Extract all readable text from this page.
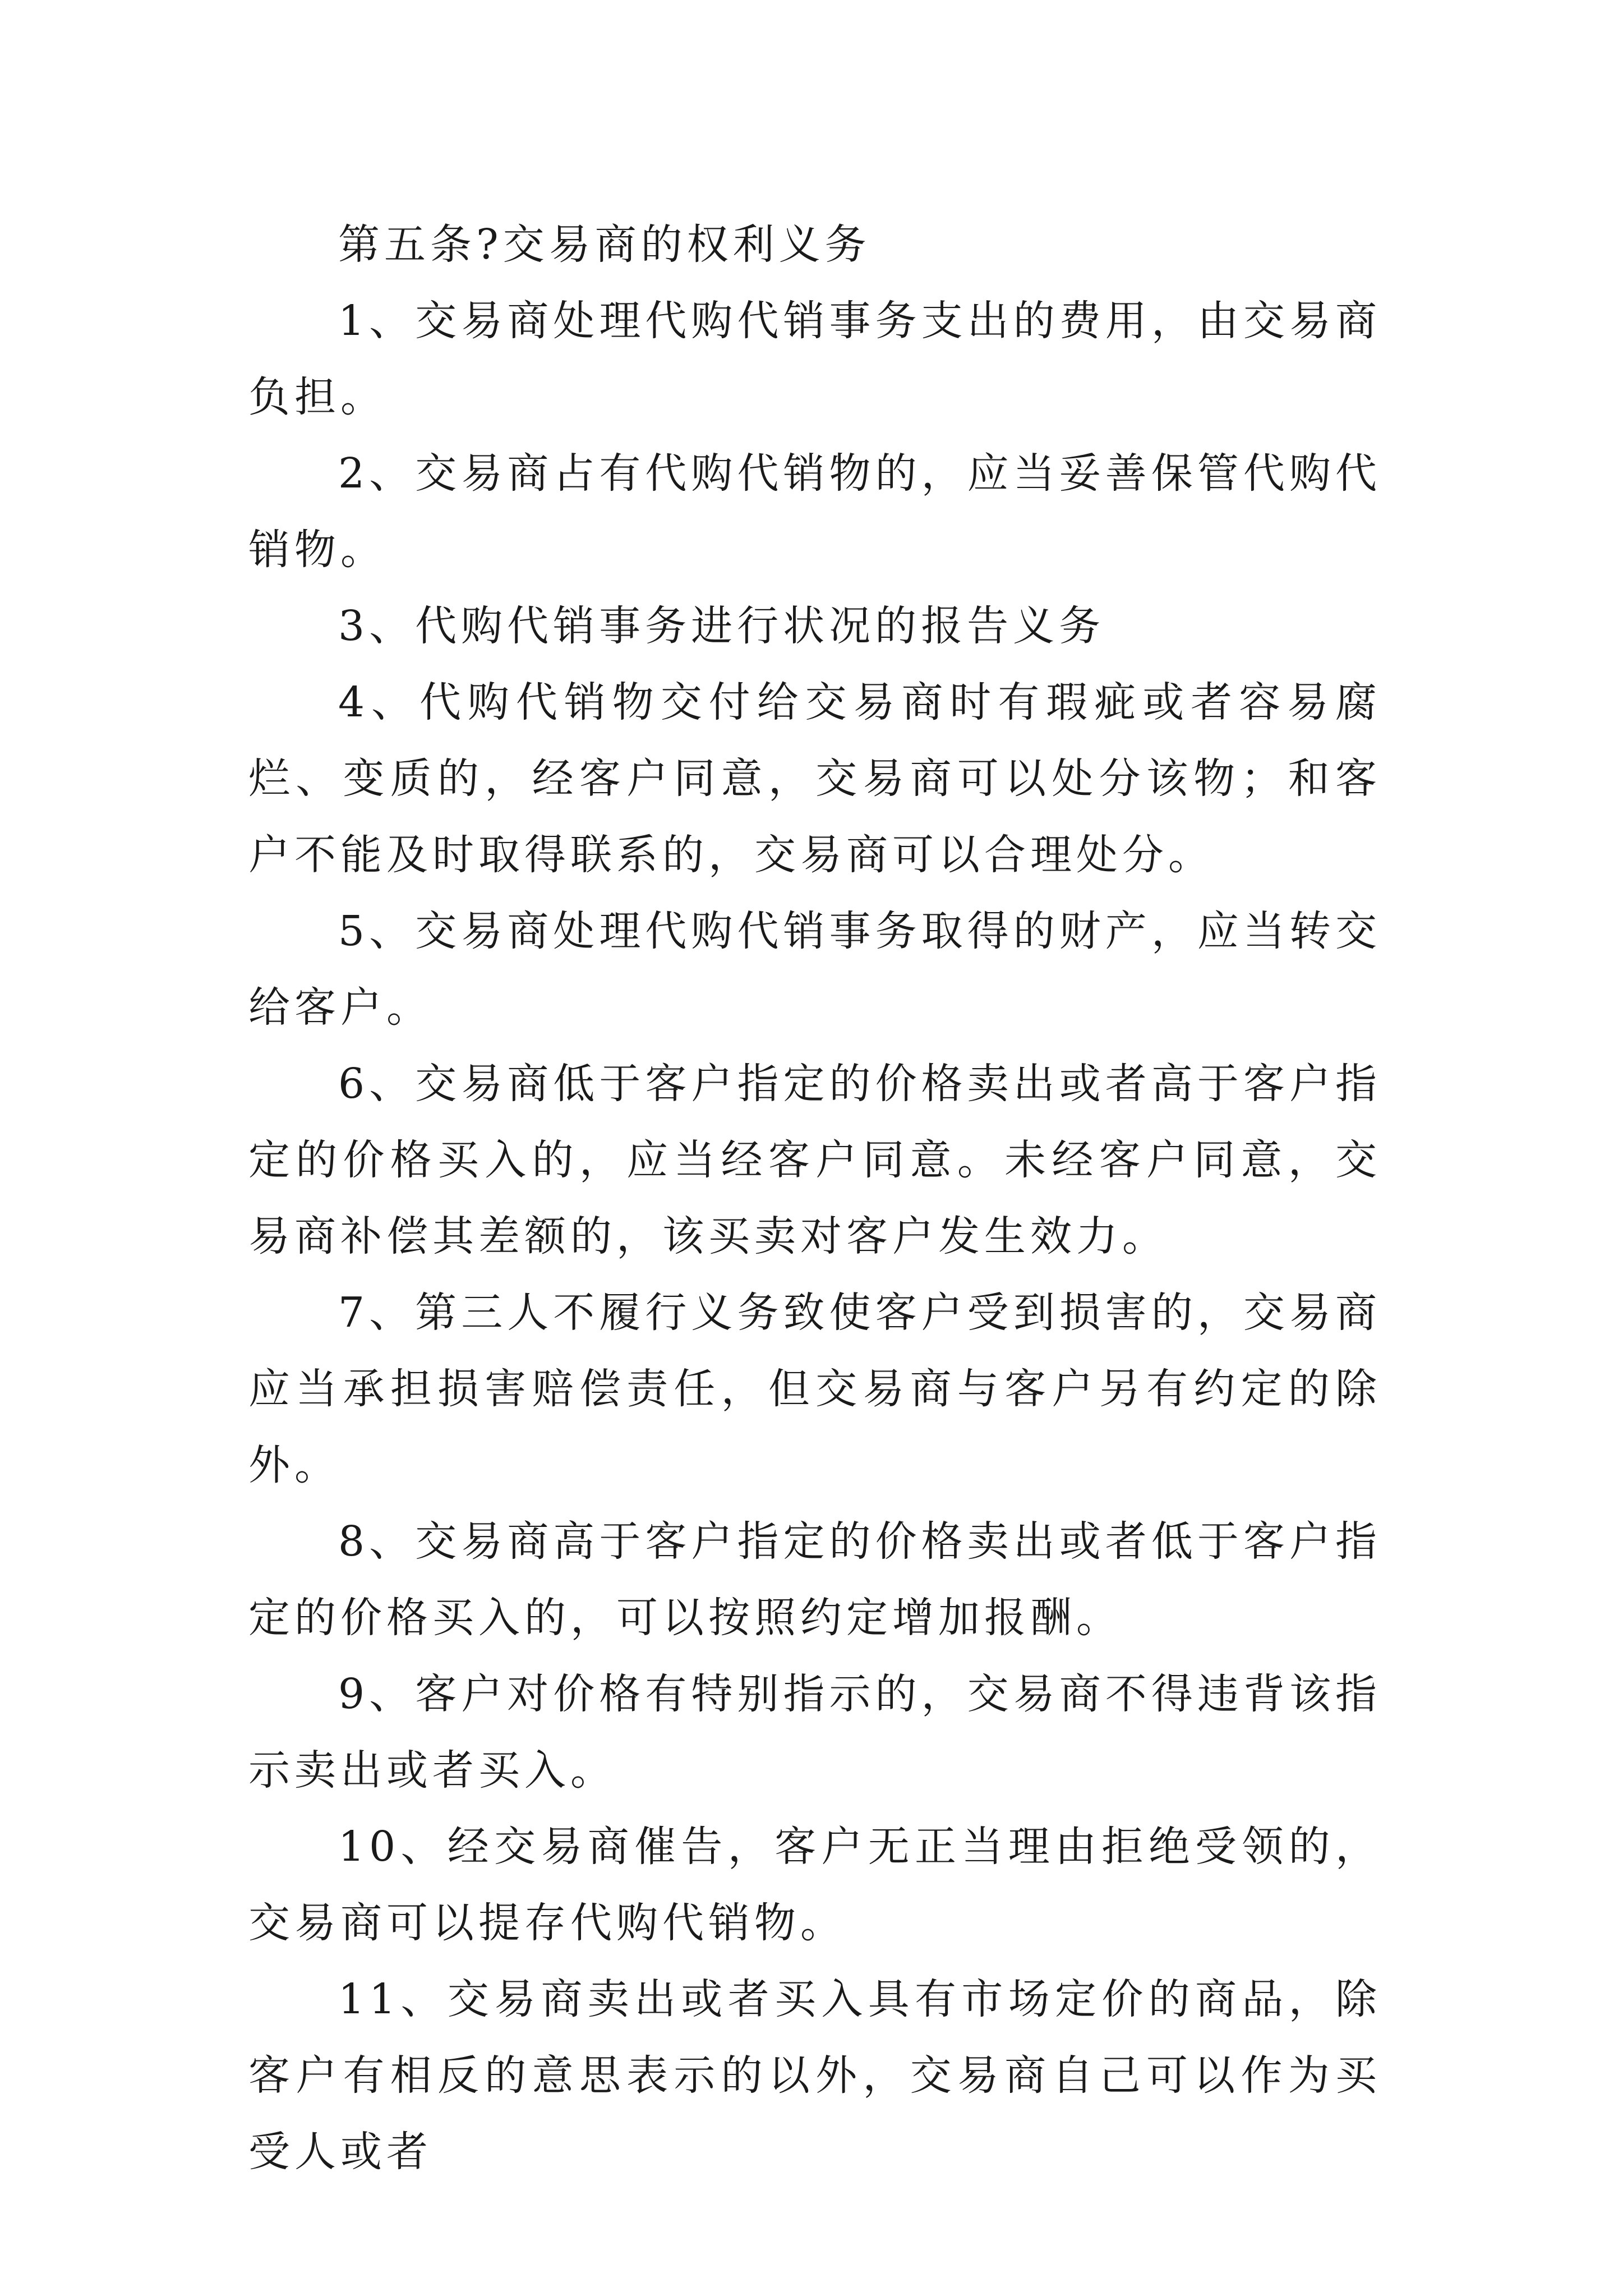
第五条?交易商的权利义务

1、交易商处理代购代销事务支出的费用，由交易商负担。

2、交易商占有代购代销物的，应当妥善保管代购代销物。

3、代购代销事务进行状况的报告义务

4、代购代销物交付给交易商时有瑕疵或者容易腐烂、变质的，经客户同意，交易商可以处分该物；和客户不能及时取得联系的，交易商可以合理处分。

5、交易商处理代购代销事务取得的财产，应当转交给客户。

6、交易商低于客户指定的价格卖出或者高于客户指定的价格买入的，应当经客户同意。未经客户同意，交易商补偿其差额的，该买卖对客户发生效力。

7、第三人不履行义务致使客户受到损害的，交易商应当承担损害赔偿责任，但交易商与客户另有约定的除外。

8、交易商高于客户指定的价格卖出或者低于客户指定的价格买入的，可以按照约定增加报酬。

9、客户对价格有特别指示的，交易商不得违背该指示卖出或者买入。

10、经交易商催告，客户无正当理由拒绝受领的，交易商可以提存代购代销物。

11、交易商卖出或者买入具有市场定价的商品，除客户有相反的意思表示的以外，交易商自己可以作为买受人或者
